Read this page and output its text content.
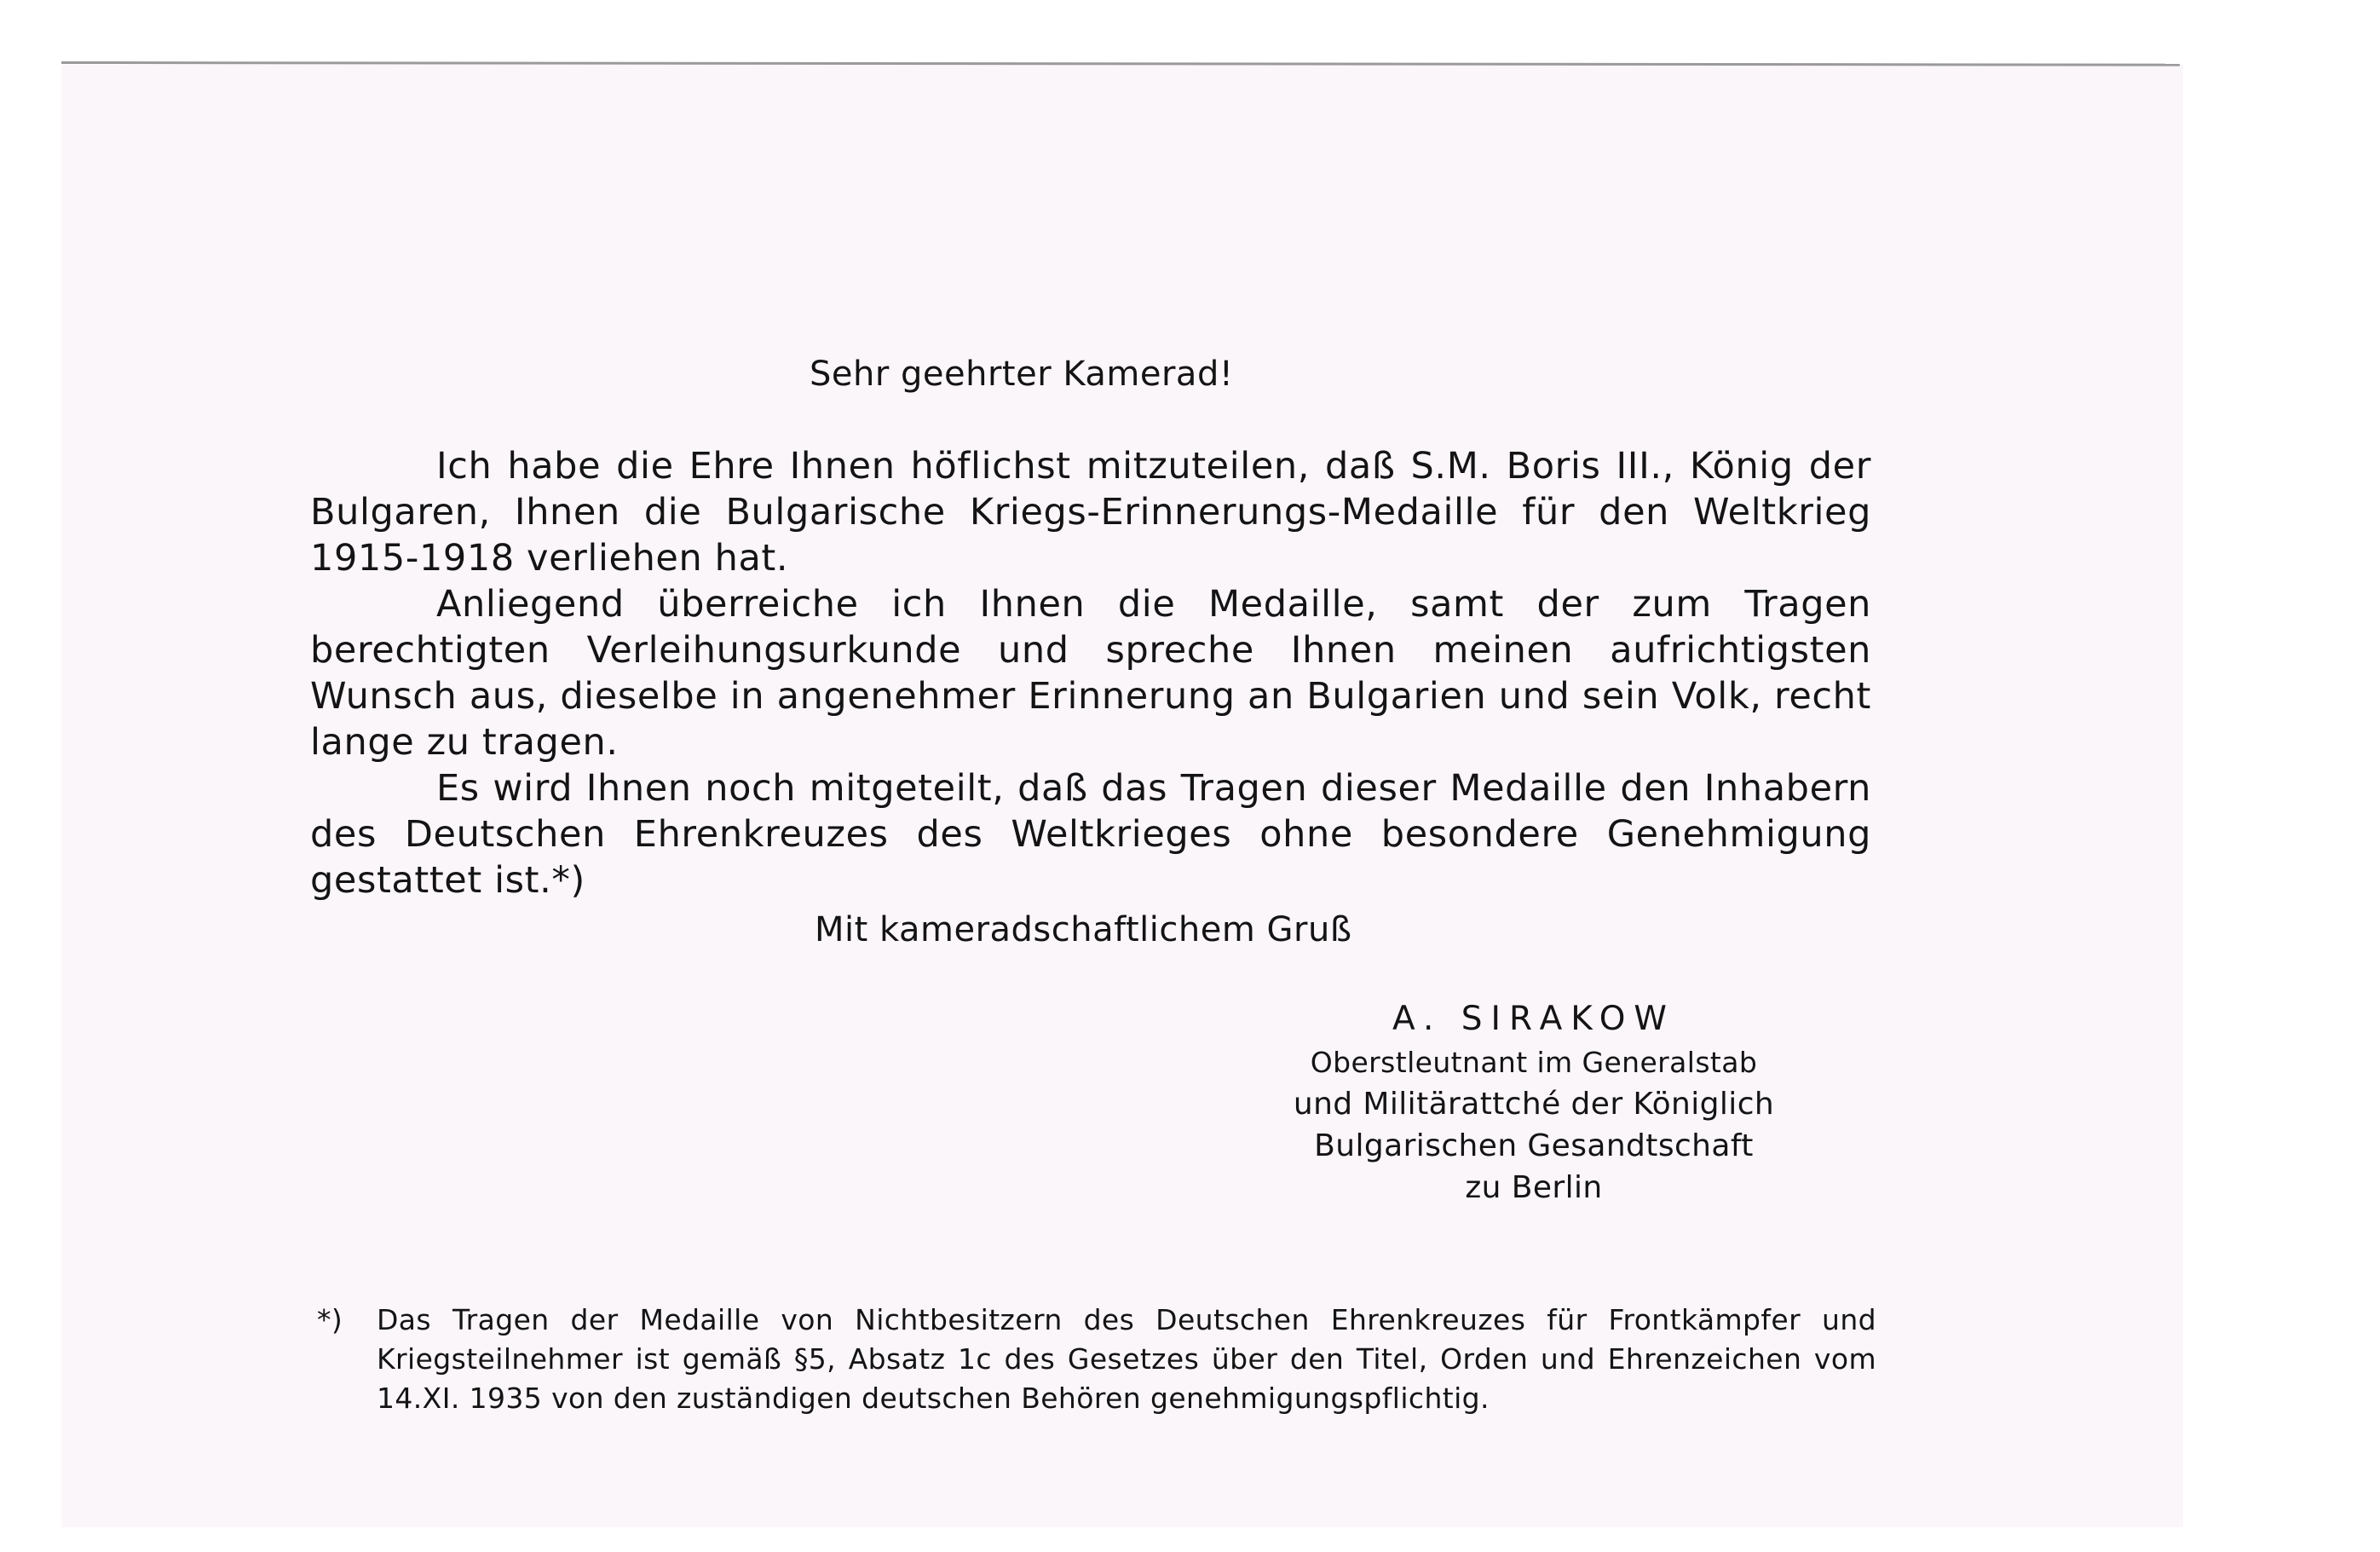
Sehr geehrter Kamerad!

Ich habe die Ehre Ihnen höflichst mitzuteilen, daß S.M. Boris III., König der Bulgaren, Ihnen die Bulgarische Kriegs-Erinnerungs-Medaille für den Weltkrieg 1915-1918 verliehen hat.

Anliegend überreiche ich Ihnen die Medaille, samt der zum Tragen berechtigten Verleihungsurkunde und spreche Ihnen meinen aufrichtigsten Wunsch aus, dieselbe in angenehmer Erinnerung an Bulgarien und sein Volk, recht lange zu tragen.

Es wird Ihnen noch mitgeteilt, daß das Tragen dieser Medaille den Inhabern des Deutschen Ehrenkreuzes des Weltkrieges ohne besondere Genehmigung gestattet ist.*)

Mit kameradschaftlichem Gruß
A. SIRAKOW
Oberstleutnant im Generalstab
und Militärattché der Königlich
Bulgarischen Gesandtschaft
zu Berlin
*)	Das Tragen der Medaille von Nichtbesitzern des Deutschen Ehrenkreuzes für Frontkämpfer und Kriegsteilnehmer ist gemäß §5, Absatz 1c des Gesetzes über den Titel, Orden und Ehrenzeichen vom 14.XI. 1935 von den zuständigen deutschen Behören genehmigungspflichtig.
